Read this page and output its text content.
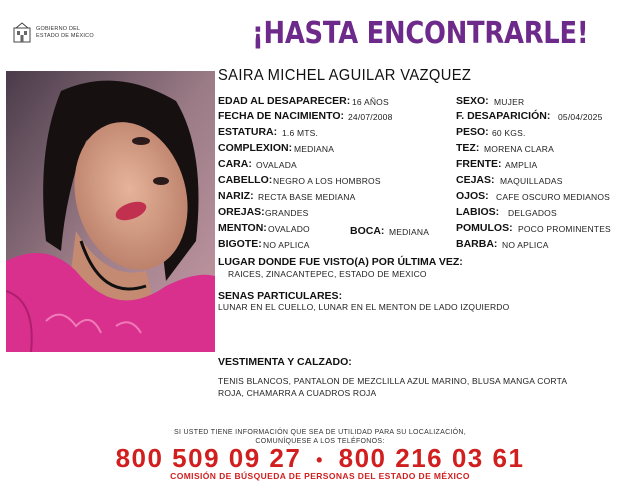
GOBIERNO DEL
ESTADO DE MÉXICO	¡HASTA ENCONTRARLE!
SAIRA MICHEL AGUILAR VAZQUEZ
EDAD AL DESAPARECER: 16 AÑOS
FECHA DE NACIMIENTO: 24/07/2008
ESTATURA: 1.6 MTS.
COMPLEXION: MEDIANA
CARA: OVALADA
CABELLO: NEGRO A LOS HOMBROS
NARIZ: RECTA BASE MEDIANA
OREJAS: GRANDES
MENTON: OVALADO	BOCA: MEDIANA
BIGOTE: NO APLICA
SEXO: MUJER
F. DESAPARICIÓN: 05/04/2025
PESO: 60 KGS.
TEZ: MORENA CLARA
FRENTE: AMPLIA
CEJAS: MAQUILLADAS
OJOS: CAFE OSCURO MEDIANOS
LABIOS: DELGADOS
POMULOS: POCO PROMINENTES
BARBA: NO APLICA
LUGAR DONDE FUE VISTO(A) POR ÚLTIMA VEZ:
RAICES, ZINACANTEPEC, ESTADO DE MEXICO
SENAS PARTICULARES:
LUNAR EN EL CUELLO, LUNAR EN EL MENTON DE LADO IZQUIERDO
VESTIMENTA Y CALZADO:
TENIS BLANCOS, PANTALON DE MEZCLILLA AZUL MARINO, BLUSA MANGA CORTA
ROJA, CHAMARRA A CUADROS ROJA
SI USTED TIENE INFORMACIÓN QUE SEA DE UTILIDAD PARA SU LOCALIZACIÓN,
COMUNÍQUESE A LOS TELÉFONOS:
800 509 09 27 • 800 216 03 61
COMISIÓN DE BÚSQUEDA DE PERSONAS DEL ESTADO DE MÉXICO
